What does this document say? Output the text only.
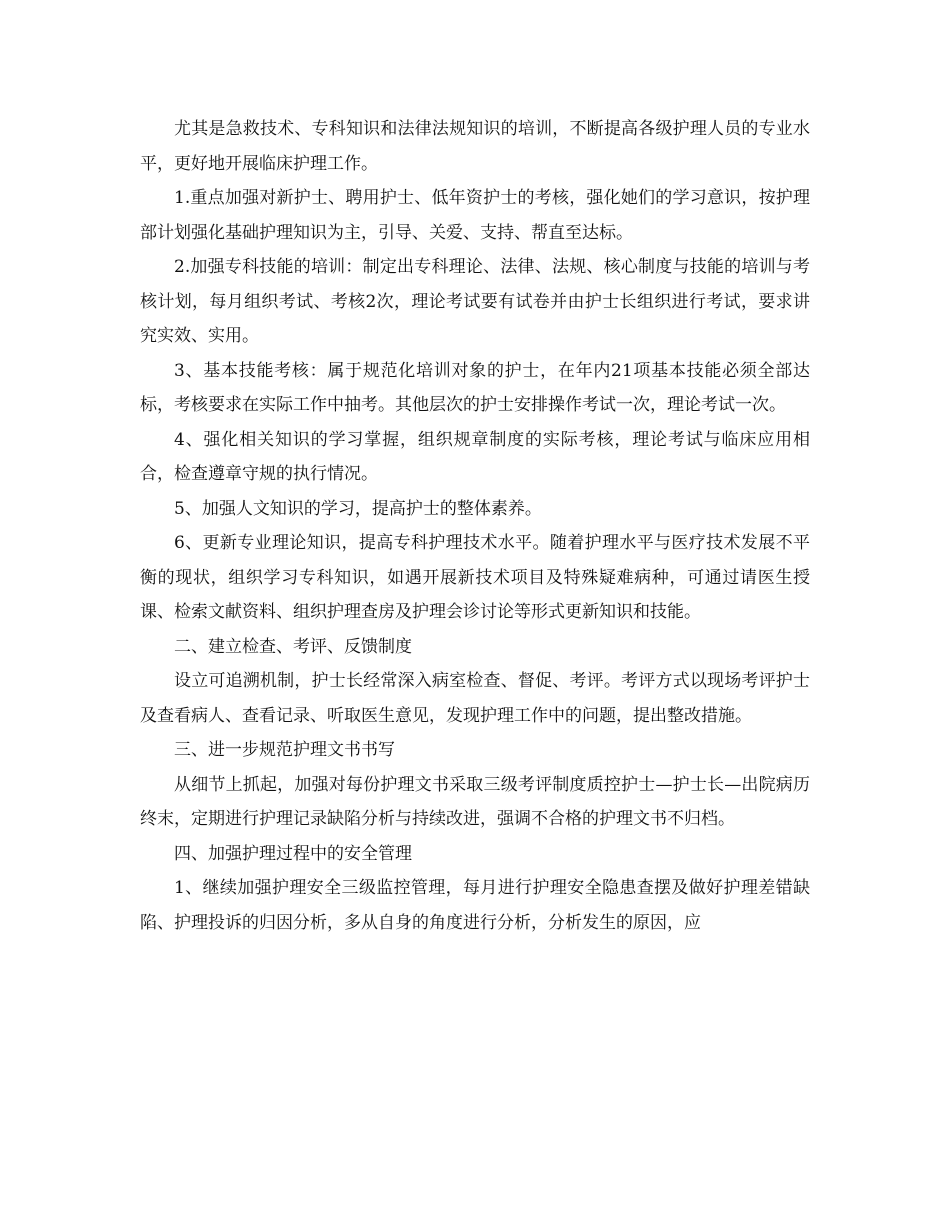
尤其是急救技术、专科知识和法律法规知识的培训，不断提高各级护理人员的专业水平，更好地开展临床护理工作。

1.重点加强对新护士、聘用护士、低年资护士的考核，强化她们的学习意识，按护理部计划强化基础护理知识为主，引导、关爱、支持、帮直至达标。

2.加强专科技能的培训：制定出专科理论、法律、法规、核心制度与技能的培训与考核计划，每月组织考试、考核2次，理论考试要有试卷并由护士长组织进行考试，要求讲究实效、实用。

3、基本技能考核：属于规范化培训对象的护士，在年内21项基本技能必须全部达标，考核要求在实际工作中抽考。其他层次的护士安排操作考试一次，理论考试一次。

4、强化相关知识的学习掌握，组织规章制度的实际考核，理论考试与临床应用相合，检查遵章守规的执行情况。

5、加强人文知识的学习，提高护士的整体素养。

6、更新专业理论知识，提高专科护理技术水平。随着护理水平与医疗技术发展不平衡的现状，组织学习专科知识，如遇开展新技术项目及特殊疑难病种，可通过请医生授课、检索文献资料、组织护理查房及护理会诊讨论等形式更新知识和技能。

二、建立检查、考评、反馈制度

设立可追溯机制，护士长经常深入病室检查、督促、考评。考评方式以现场考评护士及查看病人、查看记录、听取医生意见，发现护理工作中的问题，提出整改措施。

三、进一步规范护理文书书写

从细节上抓起，加强对每份护理文书采取三级考评制度质控护士—护士长—出院病历终末，定期进行护理记录缺陷分析与持续改进，强调不合格的护理文书不归档。

四、加强护理过程中的安全管理

1、继续加强护理安全三级监控管理，每月进行护理安全隐患查摆及做好护理差错缺陷、护理投诉的归因分析，多从自身的角度进行分析，分析发生的原因，应
